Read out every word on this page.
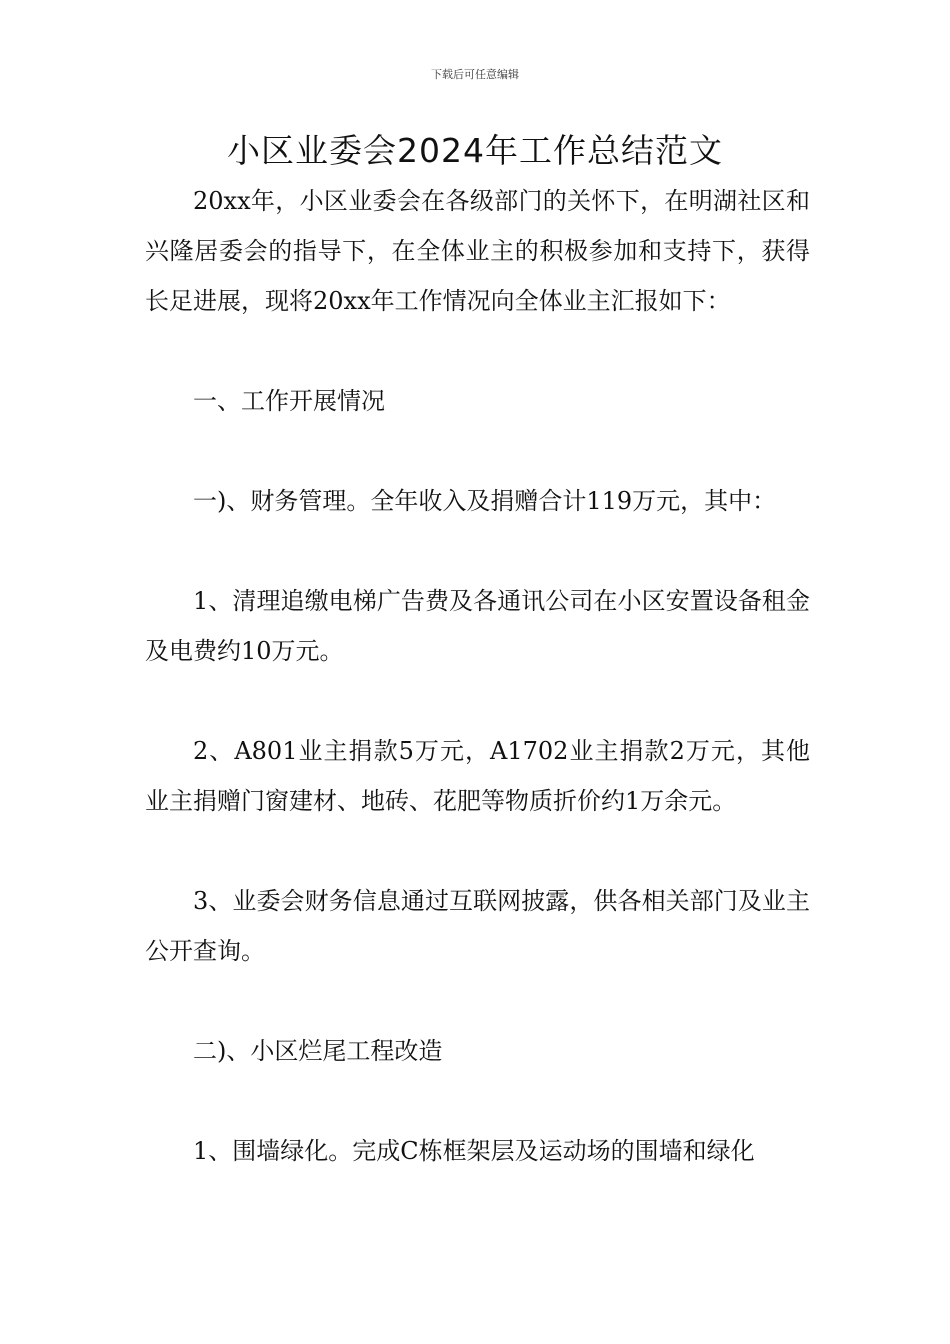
下载后可任意编辑
小区业委会2024年工作总结范文

20xx年，小区业委会在各级部门的关怀下，在明湖社区和兴隆居委会的指导下，在全体业主的积极参加和支持下，获得长足进展，现将20xx年工作情况向全体业主汇报如下：

一、工作开展情况

一)、财务管理。全年收入及捐赠合计119万元，其中：

1、清理追缴电梯广告费及各通讯公司在小区安置设备租金及电费约10万元。

2、A801业主捐款5万元，A1702业主捐款2万元，其他业主捐赠门窗建材、地砖、花肥等物质折价约1万余元。

3、业委会财务信息通过互联网披露，供各相关部门及业主公开查询。

二)、小区烂尾工程改造

1、围墙绿化。完成C栋框架层及运动场的围墙和绿化
